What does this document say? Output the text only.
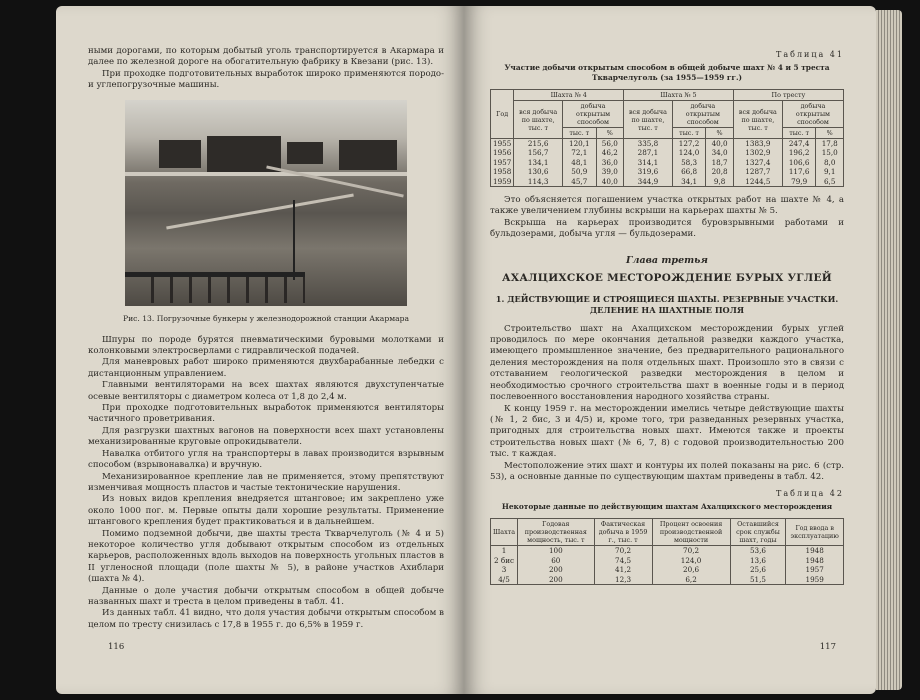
ными дорогами, по которым добытый уголь транспортируется в Акармара и далее по железной дороге на обогатительную фабрику в Квезани (рис. 13).

При проходке подготовительных выработок широко применяются породо- и углепогрузочные машины.

Рис. 13. Погрузочные бункеры у железнодорожной станции Акармара

Шпуры по породе бурятся пневматическими буровыми молотками и колонковыми электросверлами с гидравлической подачей.

Для маневровых работ широко применяются двухбарабанные лебедки с дистанционным управлением.

Главными вентиляторами на всех шахтах являются двухступенчатые осевые вентиляторы с диаметром колеса от 1,8 до 2,4 м.

При проходке подготовительных выработок применяются вентиляторы частичного проветривания.

Для разгрузки шахтных вагонов на поверхности всех шахт установлены механизированные круговые опрокидыватели.

Навалка отбитого угля на транспортеры в лавах производится взрывным способом (взрывонавалка) и вручную.

Механизированное крепление лав не применяется, этому препятствуют изменчивая мощность пластов и частые тектонические нарушения.

Из новых видов крепления внедряется штанговое; им закреплено уже около 1000 пог. м. Первые опыты дали хорошие результаты. Применение штангового крепления будет практиковаться и в дальнейшем.

Помимо подземной добычи, две шахты треста Ткварчелуголь (№ 4 и 5) некоторое количество угля добывают открытым способом из отдельных карьеров, расположенных вдоль выходов на поверхность угольных пластов в II угленосной площади (поле шахты № 5), в районе участков Ахиблари (шахта № 4).

Данные о доле участия добычи открытым способом в общей добыче названных шахт и треста в целом приведены в табл. 41.

Из данных табл. 41 видно, что доля участия добычи открытым способом в целом по тресту снизилась с 17,8 в 1955 г. до 6,5% в 1959 г.

116
Таблица 41
Участие добычи открытым способом в общей добыче шахт № 4 и 5 треста Ткварчелуголь (за 1955—1959 гг.)
Год	Шахта № 4			Шахта № 5			По тресту		
	вся добыча по шахте, тыс. т	добыча открытым способом		вся добыча по шахте, тыс. т	добыча открытым способом		вся добыча по шахте, тыс. т	добыча открытым способом	
		тыс. т	%		тыс. т	%		тыс. т	%
1955	215,6	120,1	56,0	335,8	127,2	40,0	1383,9	247,4	17,8
1956	156,7	72,1	46,2	287,1	124,0	34,0	1302,9	196,2	15,0
1957	134,1	48,1	36,0	314,1	58,3	18,7	1327,4	106,6	8,0
1958	130,6	50,9	39,0	319,6	66,8	20,8	1287,7	117,6	9,1
1959	114,3	45,7	40,0	344,9	34,1	9,8	1244,5	79,9	6,5

Это объясняется погашением участка открытых работ на шахте № 4, а также увеличением глубины вскрыши на карьерах шахты № 5.

Вскрыша на карьерах производится буровзрывными работами и бульдозерами, добыча угля — бульдозерами.

Глава третья
АХАЛЦИХСКОЕ МЕСТОРОЖДЕНИЕ БУРЫХ УГЛЕЙ
1. ДЕЙСТВУЮЩИЕ И СТРОЯЩИЕСЯ ШАХТЫ. РЕЗЕРВНЫЕ УЧАСТКИ. ДЕЛЕНИЕ НА ШАХТНЫЕ ПОЛЯ

Строительство шахт на Ахалцихском месторождении бурых углей проводилось по мере окончания детальной разведки каждого участка, имеющего промышленное значение, без предварительного рационального деления месторождения на поля отдельных шахт. Произошло это в связи с отставанием геологической разведки месторождения в целом и необходимостью срочного строительства шахт в военные годы и в период послевоенного восстановления народного хозяйства страны.

К концу 1959 г. на месторождении имелись четыре действующие шахты (№ 1, 2 бис, 3 и 4/5) и, кроме того, три разведанных резервных участка, пригодных для строительства новых шахт. Имеются также и проекты строительства новых шахт (№ 6, 7, 8) с годовой производительностью 200 тыс. т каждая.

Местоположение этих шахт и контуры их полей показаны на рис. 6 (стр. 53), а основные данные по существующим шахтам приведены в табл. 42.

Таблица 42
Некоторые данные по действующим шахтам Ахалцихского месторождения
Шахта	Годовая производственная мощность, тыс. т	Фактическая добыча в 1959 г., тыс. т	Процент освоения производственной мощности	Оставшийся срок службы шахт, годы	Год ввода в эксплуатацию
1	100	70,2	70,2	53,6	1948
2 бис	60	74,5	124,0	13,6	1948
3	200	41,2	20,6	25,6	1957
4/5	200	12,3	6,2	51,5	1959
117
